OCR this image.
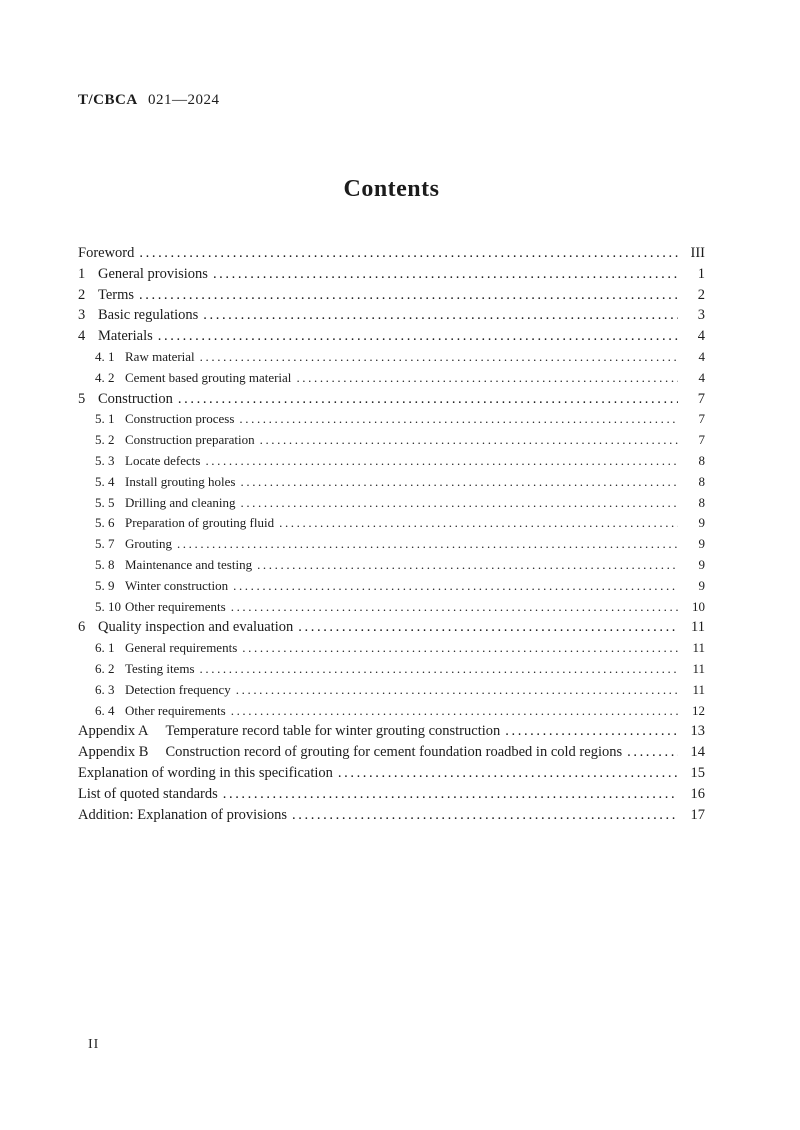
T/CBCA 021—2024
Contents
Foreword .....	III
1 General provisions .....	1
2 Terms .....	2
3 Basic regulations .....	3
4 Materials .....	4
4. 1 Raw material .....	4
4. 2 Cement based grouting material .....	4
5 Construction .....	7
5. 1 Construction process .....	7
5. 2 Construction preparation .....	7
5. 3 Locate defects .....	8
5. 4 Install grouting holes .....	8
5. 5 Drilling and cleaning .....	8
5. 6 Preparation of grouting fluid .....	9
5. 7 Grouting .....	9
5. 8 Maintenance and testing .....	9
5. 9 Winter construction .....	9
5. 10 Other requirements .....	10
6 Quality inspection and evaluation .....	11
6. 1 General requirements .....	11
6. 2 Testing items .....	11
6. 3 Detection frequency .....	11
6. 4 Other requirements .....	12
Appendix A Temperature record table for winter grouting construction .....	13
Appendix B Construction record of grouting for cement foundation roadbed in cold regions .....	14
Explanation of wording in this specification .....	15
List of quoted standards .....	16
Addition: Explanation of provisions .....	17
II
